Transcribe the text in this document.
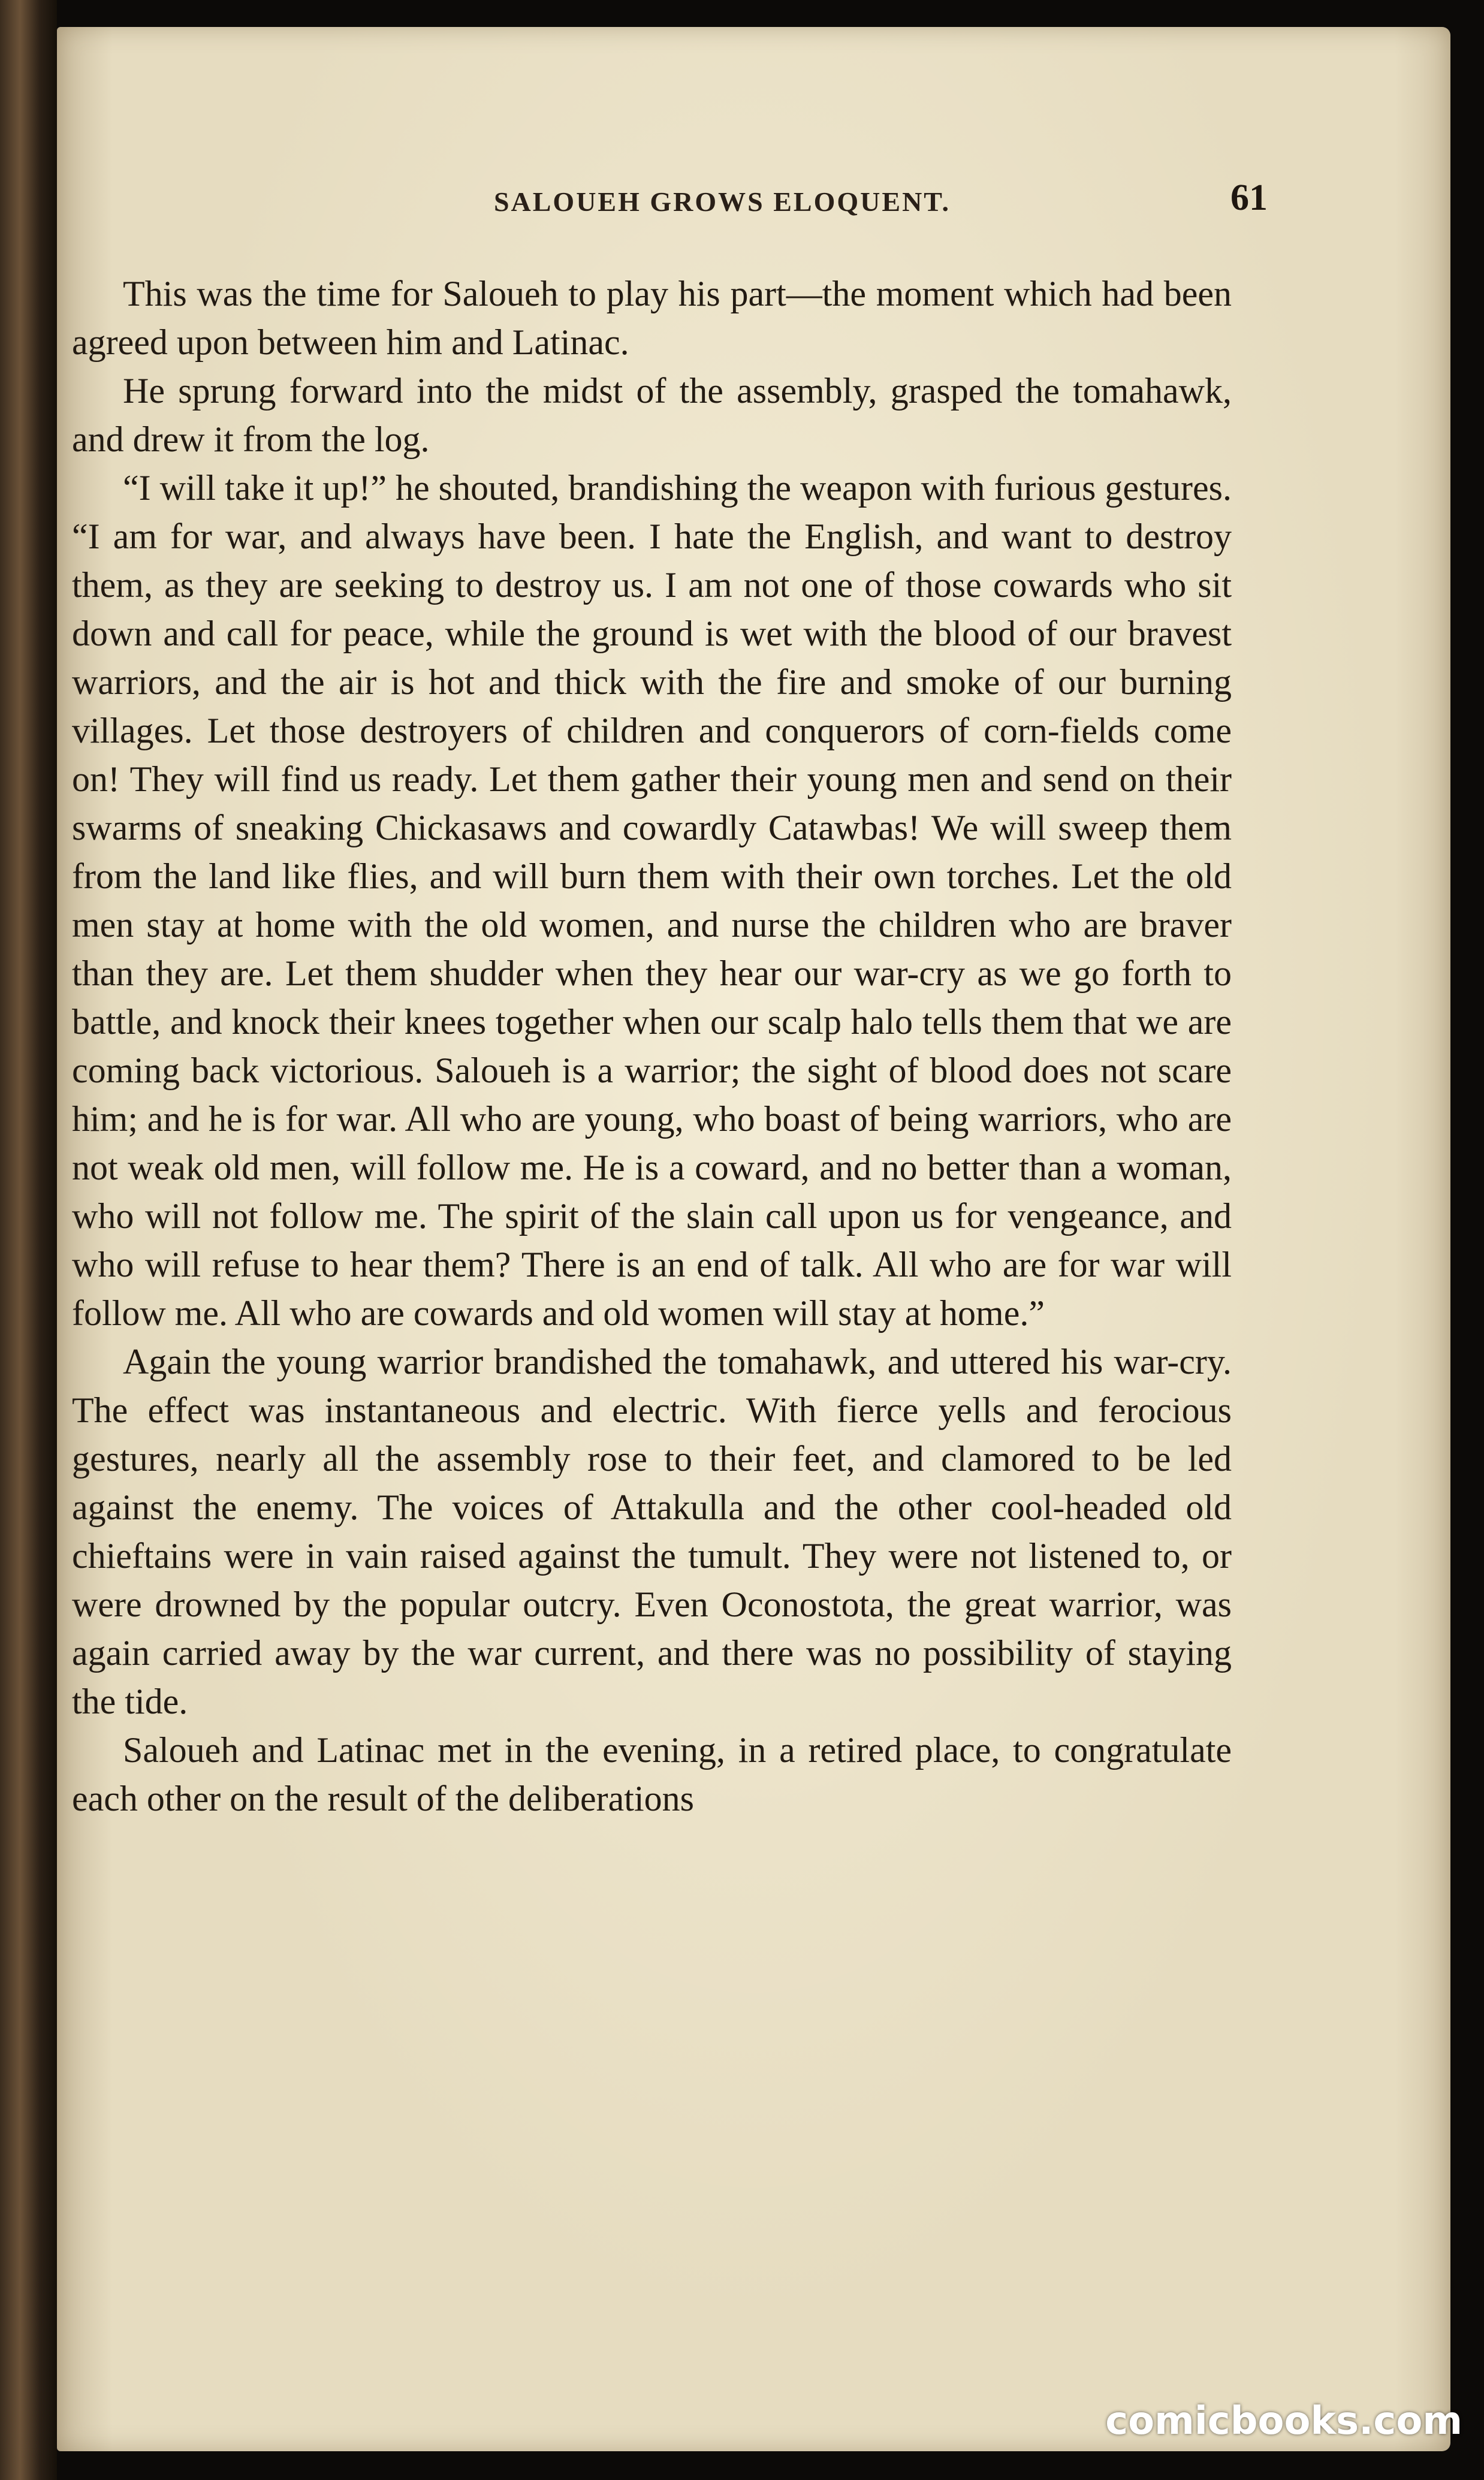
SALOUEH GROWS ELOQUENT.	61

This was the time for Saloueh to play his part—the moment which had been agreed upon between him and Latinac.

He sprung forward into the midst of the assembly, grasped the tomahawk, and drew it from the log.

“I will take it up!” he shouted, brandishing the weapon with furious gestures. “I am for war, and always have been. I hate the English, and want to destroy them, as they are seeking to destroy us. I am not one of those cowards who sit down and call for peace, while the ground is wet with the blood of our bravest warriors, and the air is hot and thick with the fire and smoke of our burning villages. Let those destroyers of children and conquerors of corn-fields come on! They will find us ready. Let them gather their young men and send on their swarms of sneaking Chickasaws and cowardly Catawbas! We will sweep them from the land like flies, and will burn them with their own torches. Let the old men stay at home with the old women, and nurse the children who are braver than they are. Let them shudder when they hear our war-cry as we go forth to battle, and knock their knees together when our scalp halo tells them that we are coming back victorious. Saloueh is a warrior; the sight of blood does not scare him; and he is for war. All who are young, who boast of being warriors, who are not weak old men, will follow me. He is a coward, and no better than a woman, who will not follow me. The spirit of the slain call upon us for vengeance, and who will refuse to hear them? There is an end of talk. All who are for war will follow me. All who are cowards and old women will stay at home.”

Again the young warrior brandished the tomahawk, and uttered his war-cry. The effect was instantaneous and electric. With fierce yells and ferocious gestures, nearly all the assembly rose to their feet, and clamored to be led against the enemy. The voices of Attakulla and the other cool-headed old chieftains were in vain raised against the tumult. They were not listened to, or were drowned by the popular outcry. Even Oconostota, the great warrior, was again carried away by the war current, and there was no possibility of staying the tide.

Saloueh and Latinac met in the evening, in a retired place, to congratulate each other on the result of the deliberations

comicbooks.com
